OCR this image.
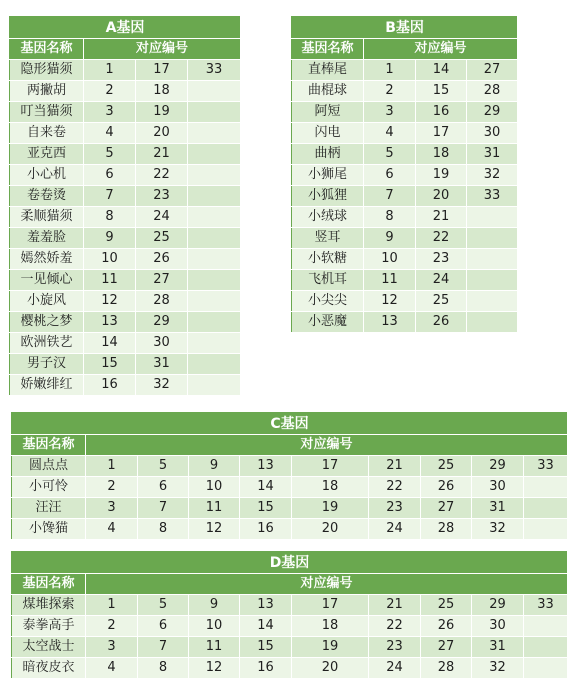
A基因			
基因名称	对应编号		
隐形猫须	1	17	33
两撇胡	2	18	
叮当猫须	3	19	
自来卷	4	20	
亚克西	5	21	
小心机	6	22	
卷卷烫	7	23	
柔顺猫须	8	24	
羞羞脸	9	25	
嫣然娇羞	10	26	
一见倾心	11	27	
小旋风	12	28	
樱桃之梦	13	29	
欧洲铁艺	14	30	
男子汉	15	31	
娇嫩绯红	16	32	
B基因			
基因名称	对应编号		
直棒尾	1	14	27
曲棍球	2	15	28
阿短	3	16	29
闪电	4	17	30
曲柄	5	18	31
小狮尾	6	19	32
小狐狸	7	20	33
小绒球	8	21	
竖耳	9	22	
小软糖	10	23	
飞机耳	11	24	
小尖尖	12	25	
小恶魔	13	26	
C基因									
基因名称	对应编号								
圆点点	1	5	9	13	17	21	25	29	33
小可怜	2	6	10	14	18	22	26	30	
汪汪	3	7	11	15	19	23	27	31	
小馋猫	4	8	12	16	20	24	28	32	
D基因									
基因名称	对应编号								
煤堆探索	1	5	9	13	17	21	25	29	33
泰拳高手	2	6	10	14	18	22	26	30	
太空战士	3	7	11	15	19	23	27	31	
暗夜皮衣	4	8	12	16	20	24	28	32	
